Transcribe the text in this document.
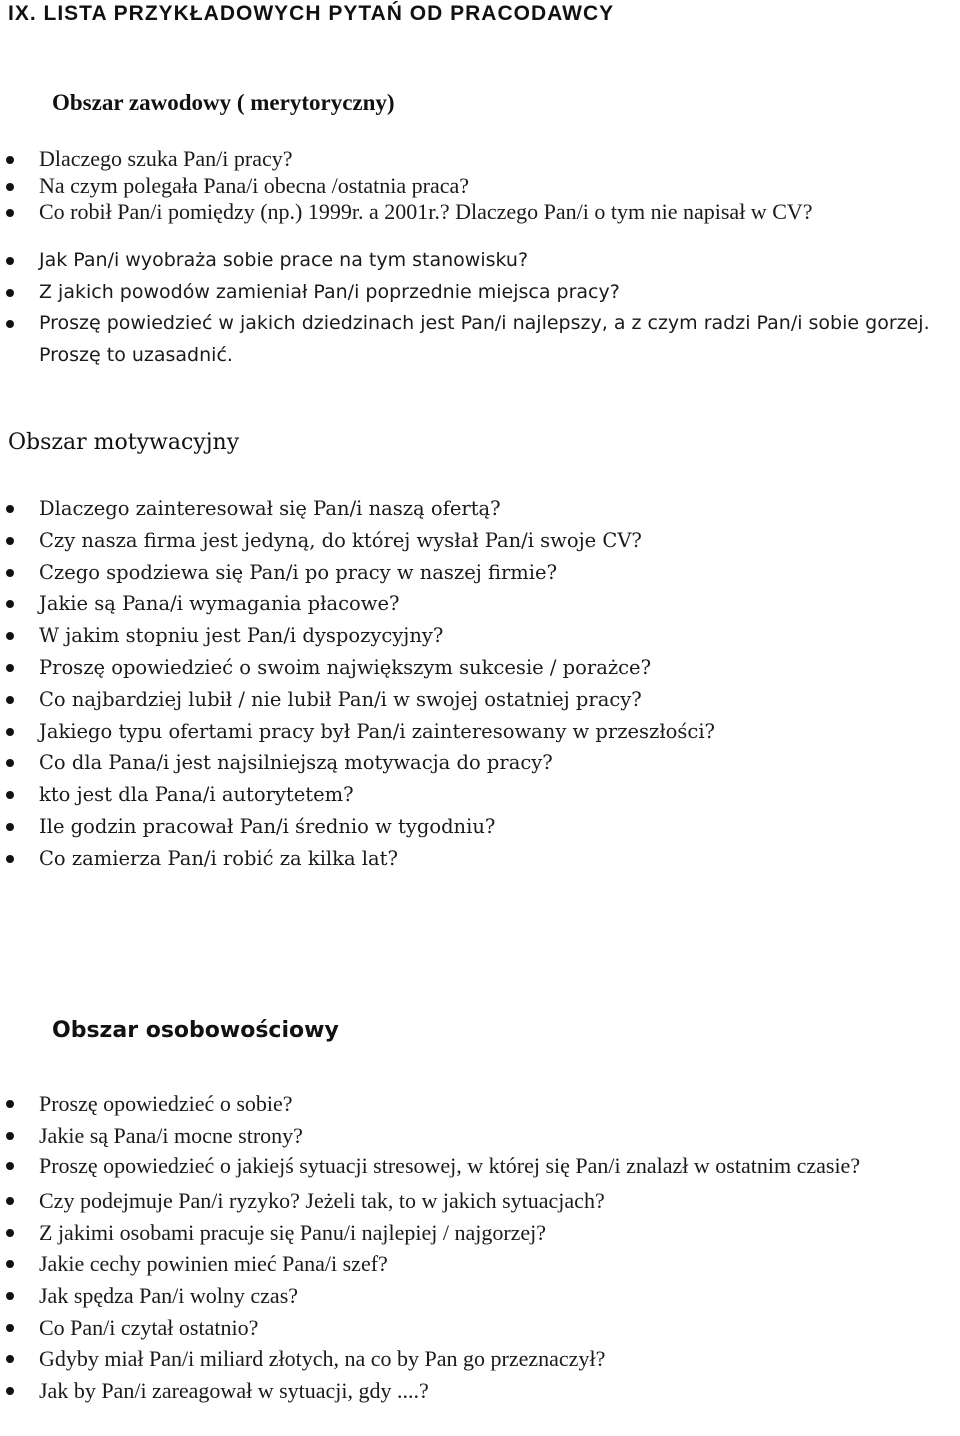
IX. LISTA PRZYKŁADOWYCH PYTAŃ OD PRACODAWCY
Obszar zawodowy ( merytoryczny)
Dlaczego szuka Pan/i pracy?
Na czym polegała Pana/i obecna /ostatnia praca?
Co robił Pan/i pomiędzy (np.) 1999r. a 2001r.? Dlaczego Pan/i o tym nie napisał w CV?
Jak Pan/i wyobraża sobie prace na tym stanowisku?
Z jakich powodów zamieniał Pan/i poprzednie miejsca pracy?
Proszę powiedzieć w jakich dziedzinach jest Pan/i najlepszy, a z czym radzi Pan/i sobie gorzej. Proszę to uzasadnić.
Obszar motywacyjny
Dlaczego zainteresował się Pan/i naszą ofertą?
Czy nasza firma jest jedyną, do której wysłał Pan/i swoje CV?
Czego spodziewa się Pan/i po pracy w naszej firmie?
Jakie są Pana/i wymagania płacowe?
W jakim stopniu jest Pan/i dyspozycyjny?
Proszę opowiedzieć o swoim największym sukcesie / porażce?
Co najbardziej lubił / nie lubił Pan/i w swojej ostatniej pracy?
Jakiego typu ofertami pracy był Pan/i zainteresowany w przeszłości?
Co dla Pana/i jest najsilniejszą motywacja do pracy?
kto jest dla Pana/i autorytetem?
Ile godzin pracował Pan/i średnio w tygodniu?
Co zamierza Pan/i robić za kilka lat?
Obszar osobowościowy
Proszę opowiedzieć o sobie?
Jakie są Pana/i mocne strony?
Proszę opowiedzieć o jakiejś sytuacji stresowej, w której się Pan/i znalazł w ostatnim czasie?
Czy podejmuje Pan/i ryzyko? Jeżeli tak, to w jakich sytuacjach?
Z jakimi osobami pracuje się Panu/i najlepiej / najgorzej?
Jakie cechy powinien mieć Pana/i szef?
Jak spędza Pan/i wolny czas?
Co Pan/i czytał ostatnio?
Gdyby miał Pan/i miliard złotych, na co by Pan go przeznaczył?
Jak by Pan/i zareagował w sytuacji, gdy ....?
